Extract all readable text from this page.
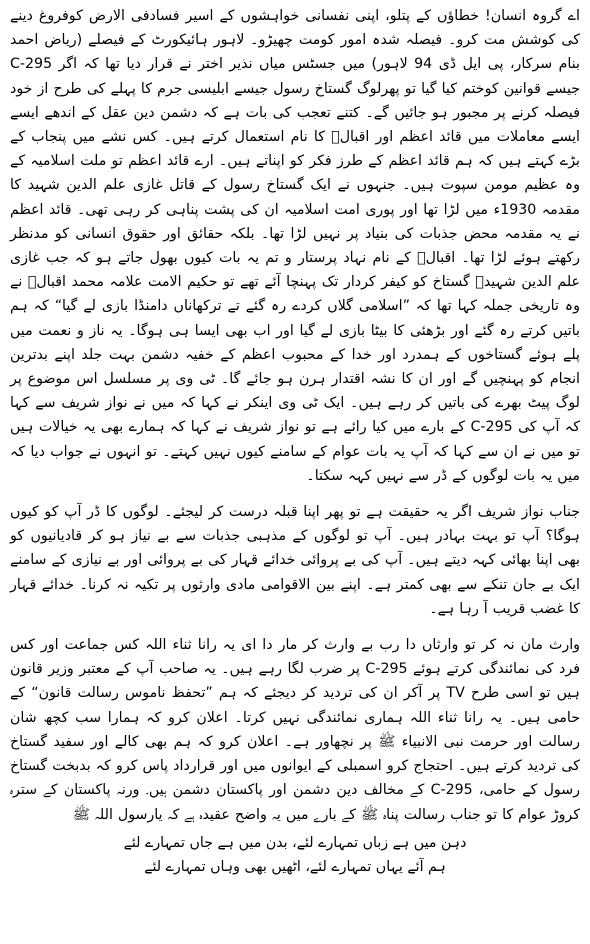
اے گروہ انسان! خطاؤں کے پتلو، اپنی نفسانی خواہشوں کے اسیر فسادفی الارض کوفروغ دینے کی کوشش مت کرو۔ فیصلہ شدہ امور کومت چھیڑو۔ لاہور ہائیکورٹ کے فیصلے (ریاض احمد بنام سرکار، پی ایل ڈی 94 لاہور) میں جسٹس میاں نذیر اختر نے قرار دیا تھا کہ اگر C-295 جیسے قوانین کوختم کیا گیا تو پھرلوگ گستاخ رسول جیسے ابلیسی جرم کا پہلے کی طرح از خود فیصلہ کرنے پر مجبور ہو جائیں گے۔ کتنے تعجب کی بات ہے کہ دشمن دین عقل کے اندھے ایسے ایسے معاملات میں قائد اعظم اور اقبالؒ کا نام استعمال کرتے ہیں۔ کس نشے میں پنجاب کے بڑے کہتے ہیں کہ ہم قائد اعظم کے طرز فکر کو اپناتے ہیں۔ ارے قائد اعظم تو ملت اسلامیہ کے وہ عظیم مومن سپوت ہیں۔ جنہوں نے ایک گستاخ رسول کے قاتل غازی علم الدین شہید کا مقدمہ 1930ء میں لڑا تھا اور پوری امت اسلامیہ ان کی پشت پناہی کر رہی تھی۔ قائد اعظم نے یہ مقدمہ محض جذبات کی بنیاد پر نہیں لڑا تھا۔ بلکہ حقائق اور حقوق انسانی کو مدنظر رکھتے ہوئے لڑا تھا۔ اقبالؒ کے نام نہاد پرستار و تم یہ بات کیوں بھول جاتے ہو کہ جب غازی علم الدین شہیدؒ گستاخ کو کیفر کردار تک پہنچا آئے تھے تو حکیم الامت علامہ محمد اقبالؒ نے وہ تاریخی جملہ کہا تھا کہ ”اسلامی گلاں کردے رہ گئے تے ترکھاناں دامنڈا بازی لے گیا“ کہ ہم باتیں کرتے رہ گئے اور بڑھئی کا بیٹا بازی لے گیا اور اب بھی ایسا ہی ہوگا۔ یہ ناز و نعمت میں پلے ہوئے گستاخوں کے ہمدرد اور خدا کے محبوب اعظم کے خفیہ دشمن بہت جلد اپنے بدترین انجام کو پہنچیں گے اور ان کا نشہ اقتدار ہرن ہو جائے گا۔ ٹی وی پر مسلسل اس موضوع پر لوگ پیٹ بھرے کی باتیں کر رہے ہیں۔ ایک ٹی وی اینکر نے کہا کہ میں نے نواز شریف سے کہا کہ آپ کی C-295 کے بارے میں کیا رائے ہے تو نواز شریف نے کہا کہ ہمارے بھی یہ خیالات ہیں تو میں نے ان سے کہا کہ آپ یہ بات عوام کے سامنے کیوں نہیں کہتے۔ تو انہوں نے جواب دیا کہ میں یہ بات لوگوں کے ڈر سے نہیں کہہ سکتا۔

جناب نواز شریف اگر یہ حقیقت ہے تو پھر اپنا قبلہ درست کر لیجئے۔ لوگوں کا ڈر آپ کو کیوں ہوگا؟ آپ تو بہت بہادر ہیں۔ آپ تو لوگوں کے مذہبی جذبات سے بے نیاز ہو کر قادیانیوں کو بھی اپنا بھائی کہہ دیتے ہیں۔ آپ کی بے پروائی خدائے قہار کی بے پروائی اور بے نیازی کے سامنے ایک بے جان تنکے سے بھی کمتر ہے۔ اپنے بین الاقوامی مادی وارثوں پر تکیہ نہ کرنا۔ خدائے قہار کا غضب قریب آ رہا ہے۔

وارث مان نہ کر تو وارثاں دا رب بے وارث کر مار دا ای یہ رانا ثناء اللہ کس جماعت اور کس فرد کی نمائندگی کرتے ہوئے C-295 پر ضرب لگا رہے ہیں۔ یہ صاحب آپ کے معتبر وزیر قانون ہیں تو اسی طرح TV پر آکر ان کی تردید کر دیجئے کہ ہم ”تحفظ ناموس رسالت قانون“ کے حامی ہیں۔ یہ رانا ثناء اللہ ہماری نمائندگی نہیں کرتا۔ اعلان کرو کہ ہمارا سب کچھ شان رسالت اور حرمت نبی الانبیاء ﷺ پر نچھاور ہے۔ اعلان کرو کہ ہم بھی کالے اور سفید گستاخ کی تردید کرتے ہیں۔ احتجاج کرو اسمبلی کے ایوانوں میں اور قرارداد پاس کرو کہ بدبخت گستاخ رسول کے حامی، C-295 کے مخالف دین دشمن اور پاکستان دشمن ہیں۔ ورنہ پاکستان کے سترہ کروڑ عوام کا تو جناب رسالت پناہ ﷺ کے بارے میں یہ واضح عقیدہ ہے کہ یارسول اللہ ﷺ

دہن میں ہے زباں تمہارے لئے، بدن میں ہے جاں تمہارے لئے
ہم آئے یہاں تمہارے لئے، اٹھیں بھی وہاں تمہارے لئے
